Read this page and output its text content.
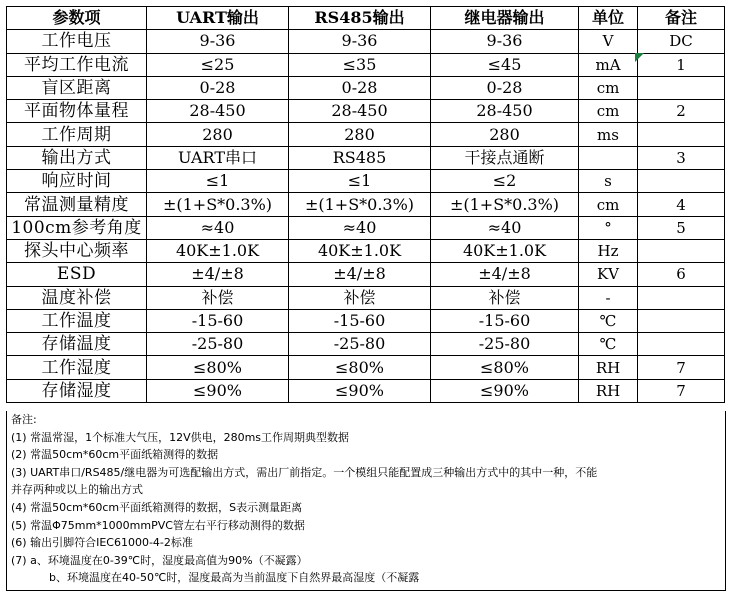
参数项	UART输出	RS485输出	继电器输出	单位	备注
工作电压	9-36	9-36	9-36	V	DC
平均工作电流	≤25	≤35	≤45	mA	1
盲区距离	0-28	0-28	0-28	cm	
平面物体量程	28-450	28-450	28-450	cm	2
工作周期	280	280	280	ms	
输出方式	UART串口	RS485	干接点通断		3
响应时间	≤1	≤1	≤2	s	
常温测量精度	±(1+S*0.3%)	±(1+S*0.3%)	±(1+S*0.3%)	cm	4
100cm参考角度	≈40	≈40	≈40	°	5
探头中心频率	40K±1.0K	40K±1.0K	40K±1.0K	Hz	
ESD	±4/±8	±4/±8	±4/±8	KV	6
温度补偿	补偿	补偿	补偿	-	
工作温度	-15-60	-15-60	-15-60	℃	
存储温度	-25-80	-25-80	-25-80	℃	
工作湿度	≤80%	≤80%	≤80%	RH	7
存储湿度	≤90%	≤90%	≤90%	RH	7
备注:
(1) 常温常湿，1个标准大气压，12V供电，280ms工作周期典型数据
(2) 常温50cm*60cm平面纸箱测得的数据
(3) UART串口/RS485/继电器为可选配输出方式，需出厂前指定。一个模组只能配置成三种输出方式中的其中一种，不能
并存两种或以上的输出方式
(4) 常温50cm*60cm平面纸箱测得的数据，S表示测量距离
(5) 常温Φ75mm*1000mmPVC管左右平行移动测得的数据
(6) 输出引脚符合IEC61000-4-2标准
(7) a、环境温度在0-39℃时，湿度最高值为90%（不凝露）
b、环境温度在40-50℃时，湿度最高为当前温度下自然界最高湿度（不凝露
